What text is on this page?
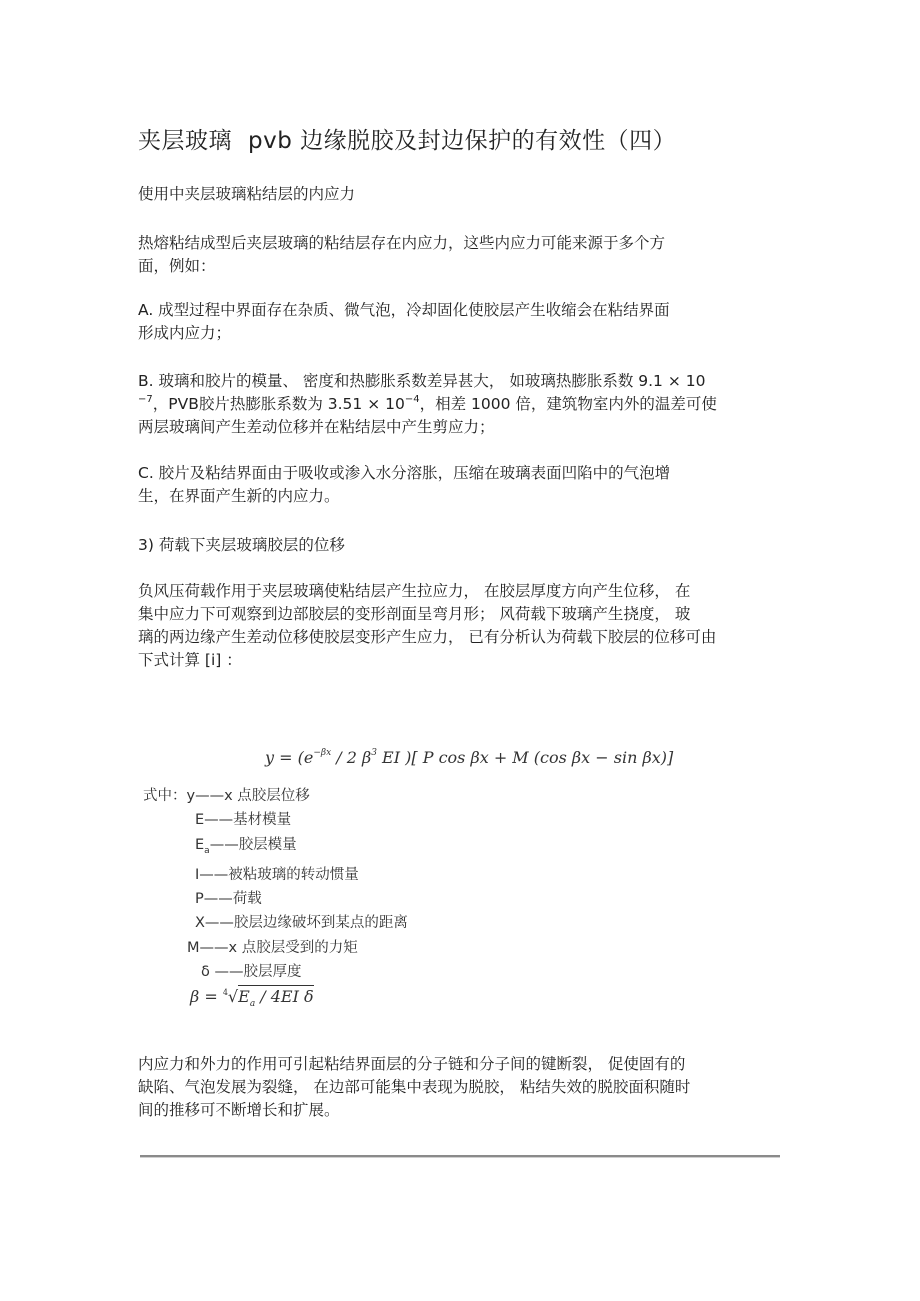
夹层玻璃 pvb 边缘脱胶及封边保护的有效性（四）
使用中夹层玻璃粘结层的内应力
热熔粘结成型后夹层玻璃的粘结层存在内应力，这些内应力可能来源于多个方
面，例如：
A. 成型过程中界面存在杂质、微气泡，冷却固化使胶层产生收缩会在粘结界面
形成内应力；
B. 玻璃和胶片的模量、 密度和热膨胀系数差异甚大， 如玻璃热膨胀系数 9.1 × 10
$^{-7}$，PVB胶片热膨胀系数为 $3.51 \times 10^{-4}$，相差 1000 倍，建筑物室内外的温差可使
两层玻璃间产生差动位移并在粘结层中产生剪应力；
C. 胶片及粘结界面由于吸收或渗入水分溶胀，压缩在玻璃表面凹陷中的气泡增
生，在界面产生新的内应力。
3) 荷载下夹层玻璃胶层的位移
负风压荷载作用于夹层玻璃使粘结层产生拉应力， 在胶层厚度方向产生位移， 在
集中应力下可观察到边部胶层的变形剖面呈弯月形； 风荷载下玻璃产生挠度， 玻
璃的两边缘产生差动位移使胶层变形产生应力， 已有分析认为荷载下胶层的位移可由
下式计算 [i] ：
$y = (e^{-\beta x} / 2$ $\beta^3$ EI )[ P cos βx + M (cos βx − sin βx)]
式中：y——x 点胶层位移
E——基材模量
$E_a——$胶层模量
I——被粘玻璃的转动惯量
P——荷载
X——胶层边缘破坏到某点的距离
M——x 点胶层受到的力矩
δ ——胶层厚度
$\beta = ^4√E_a / 4EI$ δ
内应力和外力的作用可引起粘结界面层的分子链和分子间的键断裂， 促使固有的
缺陷、气泡发展为裂缝， 在边部可能集中表现为脱胶， 粘结失效的脱胶面积随时
间的推移可不断增长和扩展。
